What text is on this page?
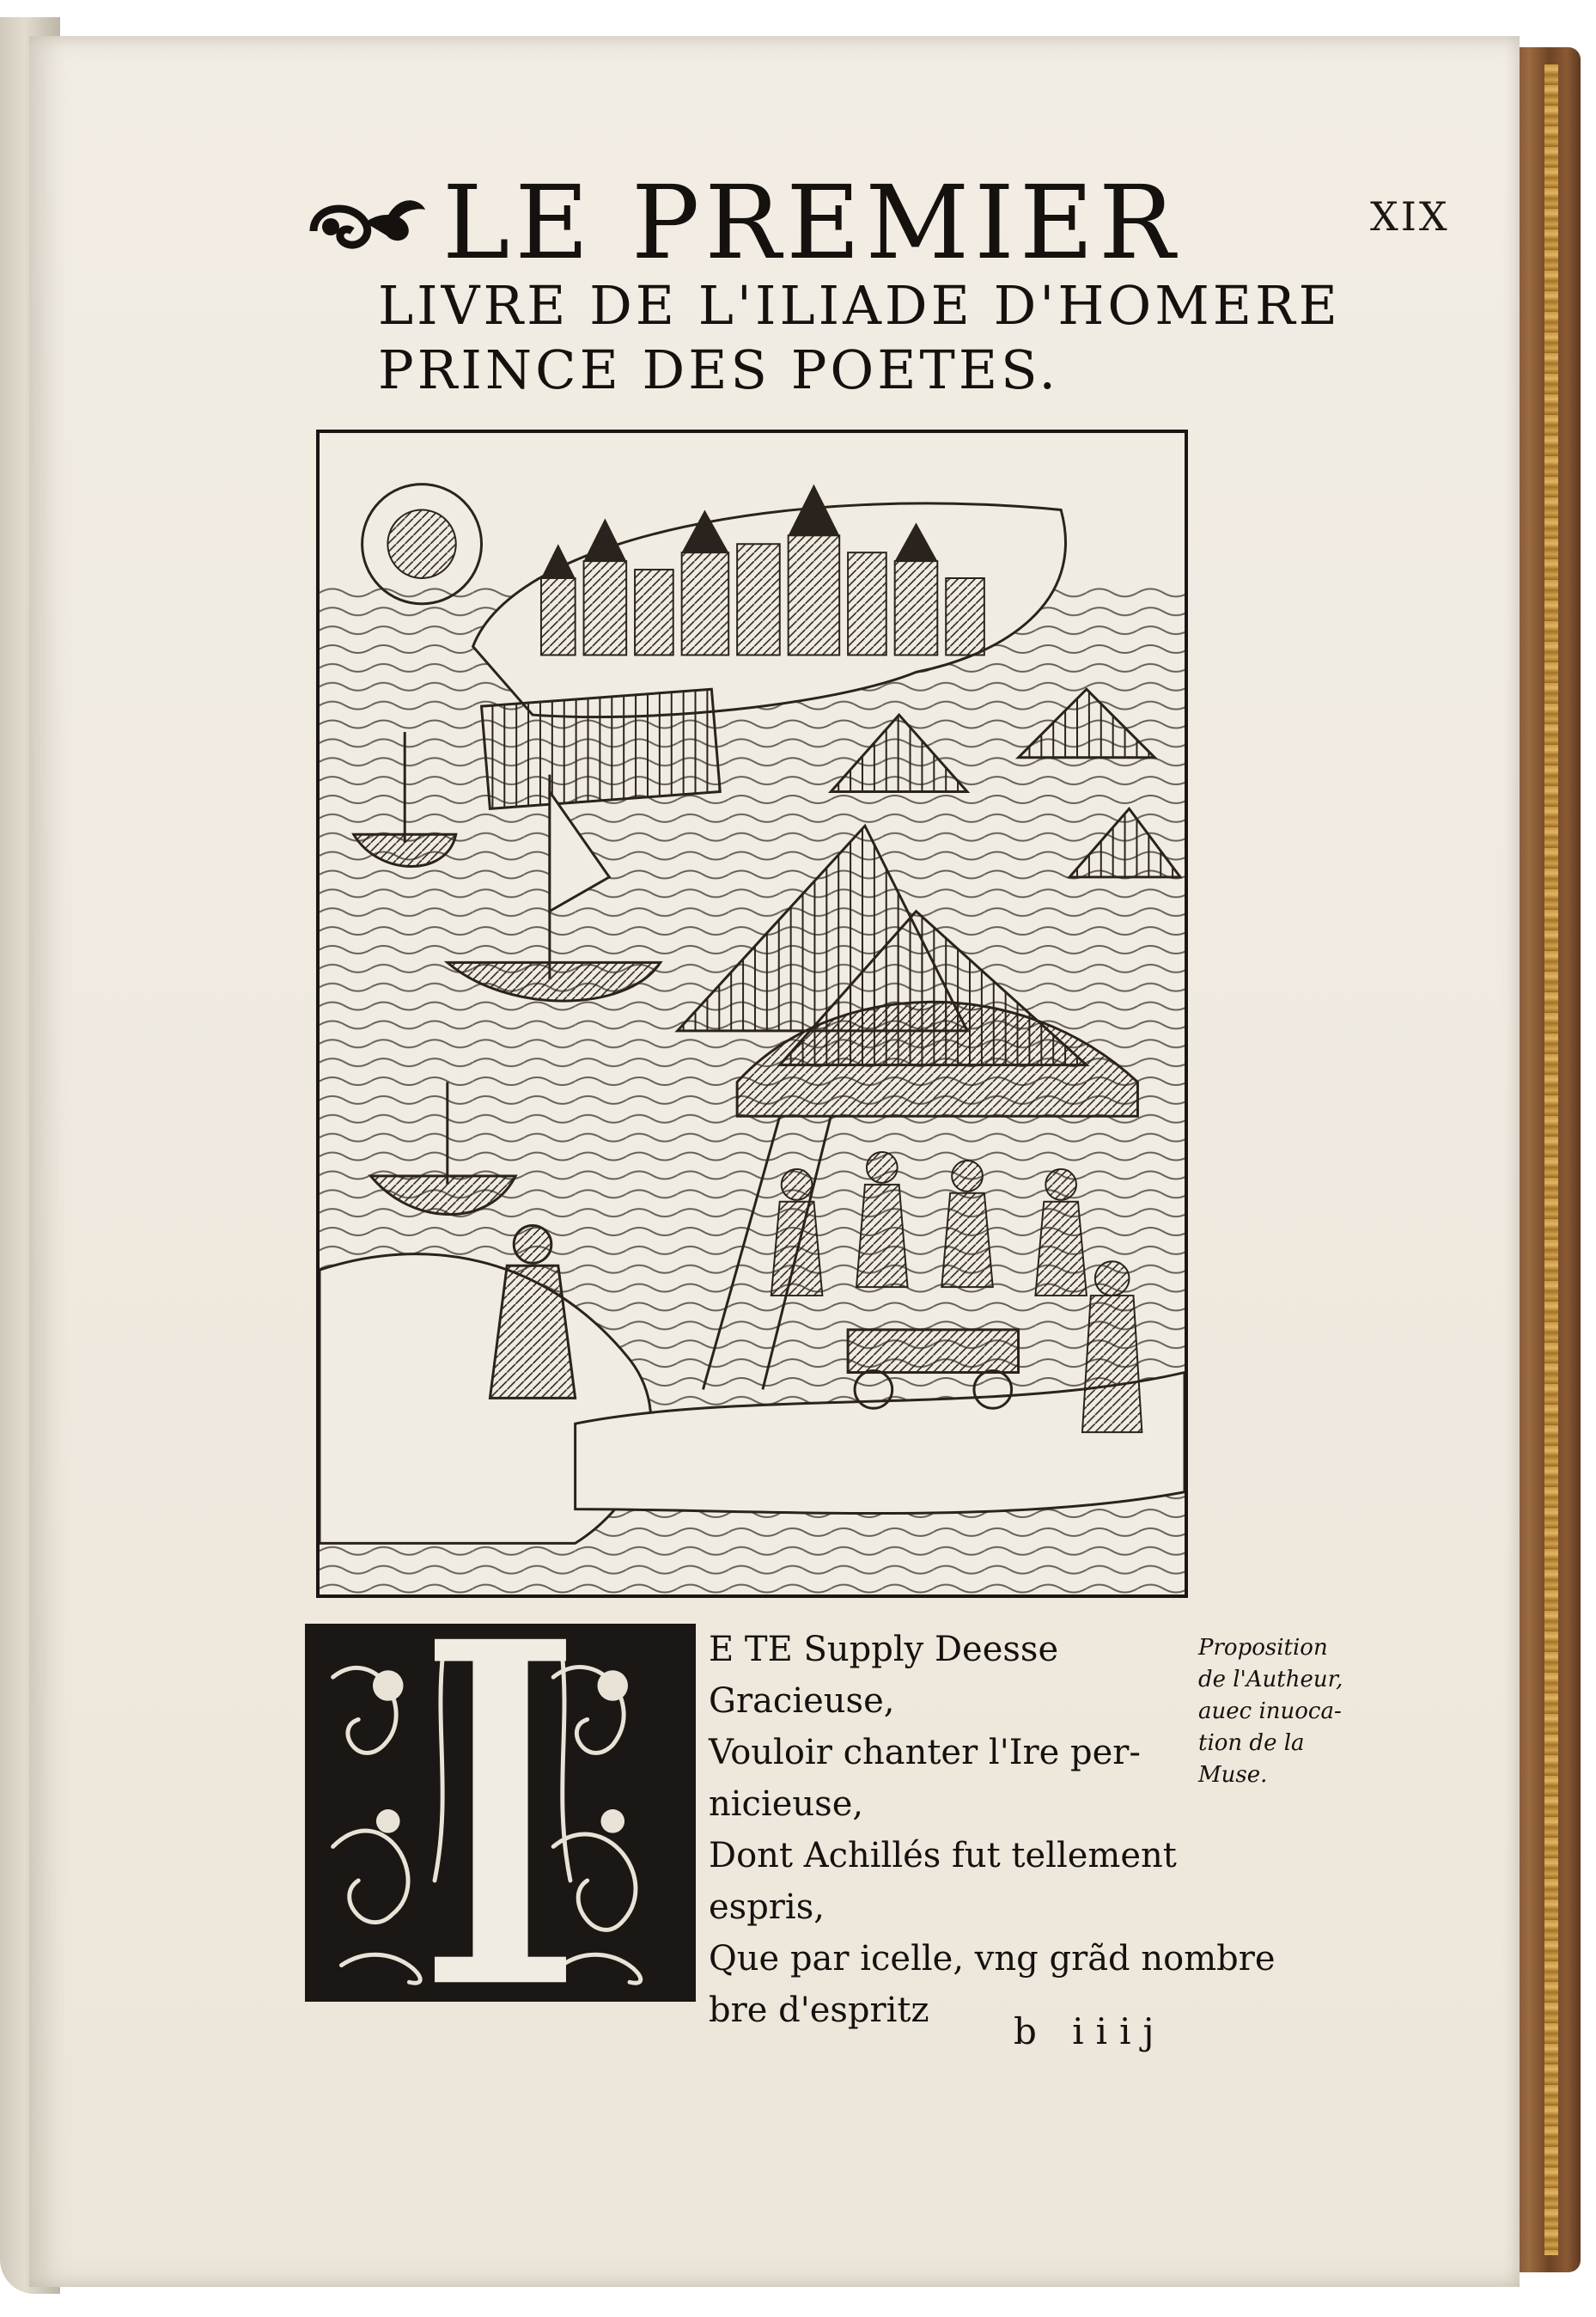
XIX
LE PREMIER
LIVRE DE L'ILIADE D'HOMERE
PRINCE DES POETES.
E TE Supply Deesse
Gracieuse,
Vouloir chanter l'Ire per-
nicieuse,
Dont Achillés fut tellement
espris,
Que par icelle, vng grãd nombre
bre d'espritz
Proposition
de l'Autheur,
auec inuoca-
tion de la
Muse.
b iiij
